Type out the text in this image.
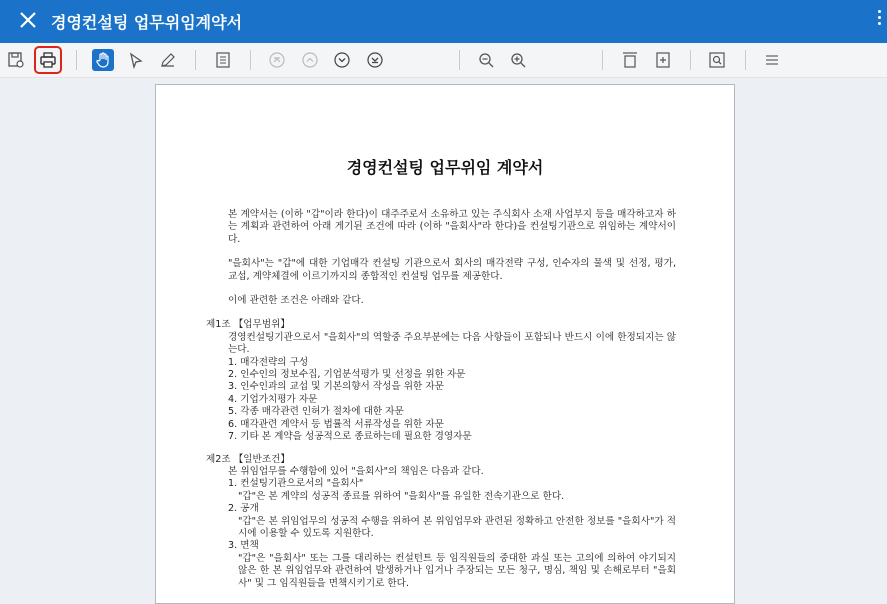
경영컨설팅 업무위임계약서
경영컨설팅 업무위임 계약서

본 계약서는 (이하 "갑"이라 한다)이 대주주로서 소유하고 있는 주식회사 소재 사업부지 등을 매각하고자 하는 계획과 관련하여 아래 게기된 조건에 따라 (이하 "을회사"라 한다)을 컨설팅기관으로 위임하는 계약서이다.

"을회사"는 "갑"에 대한 기업매각 컨설팅 기관으로서 회사의 매각전략 구성, 인수자의 물색 및 선정, 평가, 교섭, 계약체결에 이르기까지의 종합적인 컨설팅 업무를 제공한다.

이에 관련한 조건은 아래와 같다.

제1조 【업무범위】

경영컨설팅기관으로서 "을회사"의 역할중 주요부분에는 다음 사항들이 포함되나 반드시 이에 한정되지는 않는다.

1. 매각전략의 구성

2. 인수인의 정보수집, 기업분석평가 및 선정을 위한 자문

3. 인수인과의 교섭 및 기본의향서 작성을 위한 자문

4. 기업가치평가 자문

5. 각종 매각관련 인허가 절차에 대한 자문

6. 매각관련 계약서 등 법률적 서류작성을 위한 자문

7. 기타 본 계약을 성공적으로 종료하는데 필요한 경영자문

제2조 【일반조건】

본 위임업무를 수행함에 있어 "을회사"의 책임은 다음과 같다.

1. 컨설팅기관으로서의 "을회사"

"갑"은 본 계약의 성공적 종료를 위하여 "을회사"를 유일한 전속기관으로 한다.

2. 공개

"갑"은 본 위임업무의 성공적 수행을 위하여 본 위임업무와 관련된 정확하고 안전한 정보를 "을회사"가 적시에 이용할 수 있도록 지원한다.

3. 면책

"갑"은 "을회사" 또는 그를 대리하는 컨설턴트 등 임직원들의 중대한 과실 또는 고의에 의하여 야기되지 않은 한 본 위임업무와 관련하여 발생하거나 입거나 주장되는 모든 청구, 명심, 책임 및 손해로부터 "을회사" 및 그 임직원들을 면책시키기로 한다.
